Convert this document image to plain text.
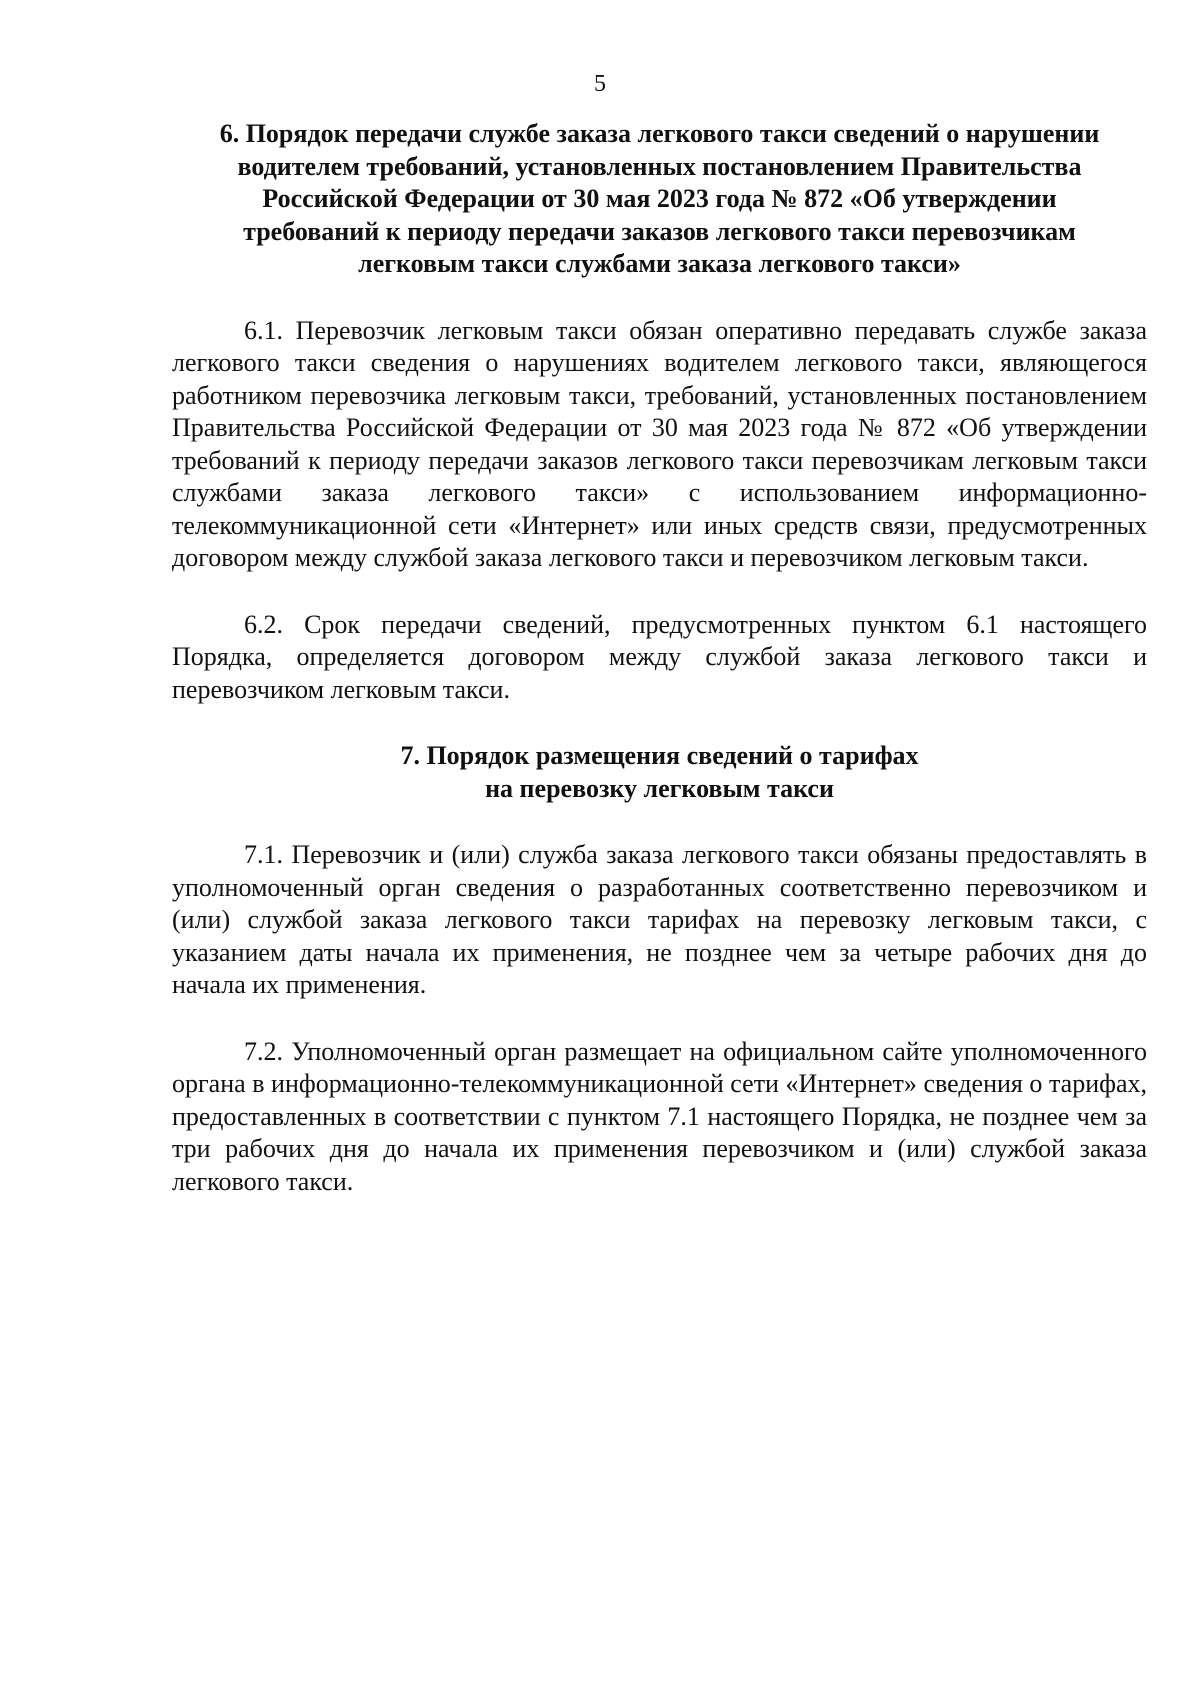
5
6. Порядок передачи службе заказа легкового такси сведений о нарушении
водителем требований, установленных постановлением Правительства
Российской Федерации от 30 мая 2023 года № 872 «Об утверждении
требований к периоду передачи заказов легкового такси перевозчикам
легковым такси службами заказа легкового такси»

6.1. Перевозчик легковым такси обязан оперативно передавать службе заказа легкового такси сведения о нарушениях водителем легкового такси, являющегося работником перевозчика легковым такси, требований, установленных постановлением Правительства Российской Федерации от 30 мая 2023 года № 872 «Об утверждении требований к периоду передачи заказов легкового такси перевозчикам легковым такси службами заказа легкового такси» с использованием информационно-телекоммуникационной сети «Интернет» или иных средств связи, предусмотренных договором между службой заказа легкового такси и перевозчиком легковым такси.

6.2. Срок передачи сведений, предусмотренных пунктом 6.1 настоящего Порядка, определяется договором между службой заказа легкового такси и перевозчиком легковым такси.

7. Порядок размещения сведений о тарифах
на перевозку легковым такси

7.1. Перевозчик и (или) служба заказа легкового такси обязаны предоставлять в уполномоченный орган сведения о разработанных соответственно перевозчиком и (или) службой заказа легкового такси тарифах на перевозку легковым такси, с указанием даты начала их применения, не позднее чем за четыре рабочих дня до начала их применения.

7.2. Уполномоченный орган размещает на официальном сайте уполномоченного органа в информационно-телекоммуникационной сети «Интернет» сведения о тарифах, предоставленных в соответствии с пунктом 7.1 настоящего Порядка, не позднее чем за три рабочих дня до начала их применения перевозчиком и (или) службой заказа легкового такси.
